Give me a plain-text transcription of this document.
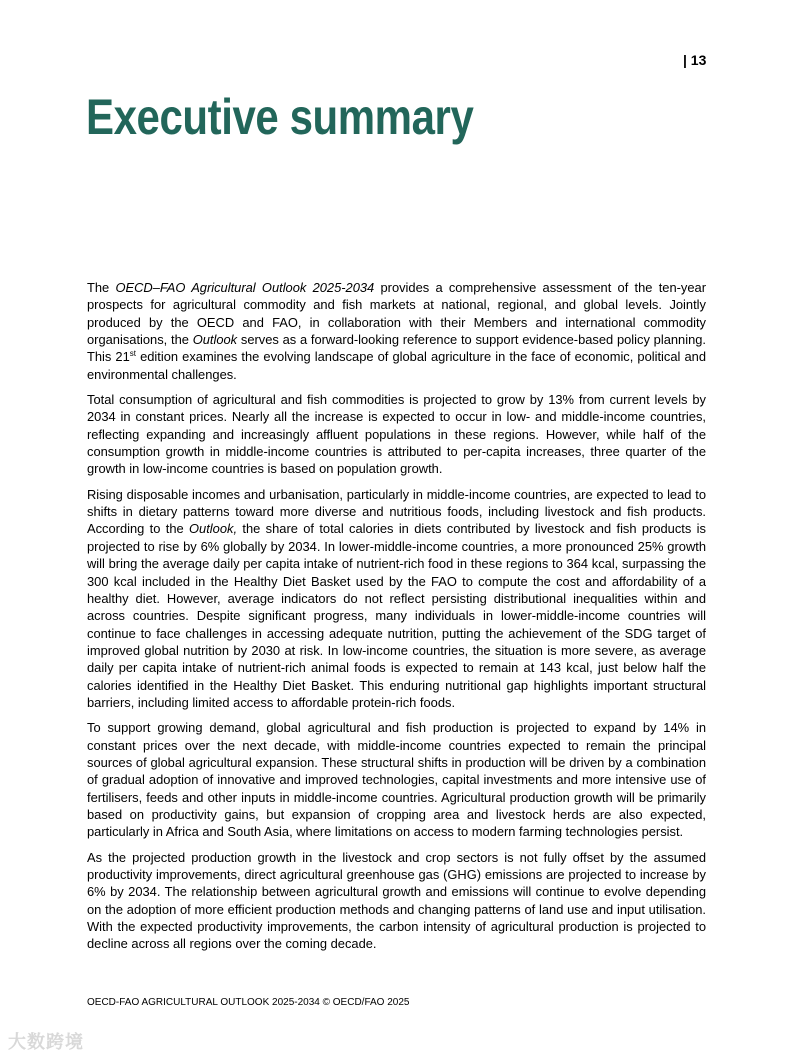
| 13
Executive summary

The OECD–FAO Agricultural Outlook 2025-2034 provides a comprehensive assessment of the ten-year prospects for agricultural commodity and fish markets at national, regional, and global levels. Jointly produced by the OECD and FAO, in collaboration with their Members and international commodity organisations, the Outlook serves as a forward-looking reference to support evidence-based policy planning. This 21st edition examines the evolving landscape of global agriculture in the face of economic, political and environmental challenges.

Total consumption of agricultural and fish commodities is projected to grow by 13% from current levels by 2034 in constant prices. Nearly all the increase is expected to occur in low- and middle-income countries, reflecting expanding and increasingly affluent populations in these regions. However, while half of the consumption growth in middle-income countries is attributed to per-capita increases, three quarter of the growth in low-income countries is based on population growth.

Rising disposable incomes and urbanisation, particularly in middle-income countries, are expected to lead to shifts in dietary patterns toward more diverse and nutritious foods, including livestock and fish products. According to the Outlook, the share of total calories in diets contributed by livestock and fish products is projected to rise by 6% globally by 2034. In lower-middle-income countries, a more pronounced 25% growth will bring the average daily per capita intake of nutrient-rich food in these regions to 364 kcal, surpassing the 300 kcal included in the Healthy Diet Basket used by the FAO to compute the cost and affordability of a healthy diet. However, average indicators do not reflect persisting distributional inequalities within and across countries. Despite significant progress, many individuals in lower-middle-income countries will continue to face challenges in accessing adequate nutrition, putting the achievement of the SDG target of improved global nutrition by 2030 at risk. In low-income countries, the situation is more severe, as average daily per capita intake of nutrient-rich animal foods is expected to remain at 143 kcal, just below half the calories identified in the Healthy Diet Basket. This enduring nutritional gap highlights important structural barriers, including limited access to affordable protein-rich foods.

To support growing demand, global agricultural and fish production is projected to expand by 14% in constant prices over the next decade, with middle-income countries expected to remain the principal sources of global agricultural expansion. These structural shifts in production will be driven by a combination of gradual adoption of innovative and improved technologies, capital investments and more intensive use of fertilisers, feeds and other inputs in middle-income countries. Agricultural production growth will be primarily based on productivity gains, but expansion of cropping area and livestock herds are also expected, particularly in Africa and South Asia, where limitations on access to modern farming technologies persist.

As the projected production growth in the livestock and crop sectors is not fully offset by the assumed productivity improvements, direct agricultural greenhouse gas (GHG) emissions are projected to increase by 6% by 2034. The relationship between agricultural growth and emissions will continue to evolve depending on the adoption of more efficient production methods and changing patterns of land use and input utilisation. With the expected productivity improvements, the carbon intensity of agricultural production is projected to decline across all regions over the coming decade.

OECD-FAO AGRICULTURAL OUTLOOK 2025-2034 © OECD/FAO 2025
大数跨境
